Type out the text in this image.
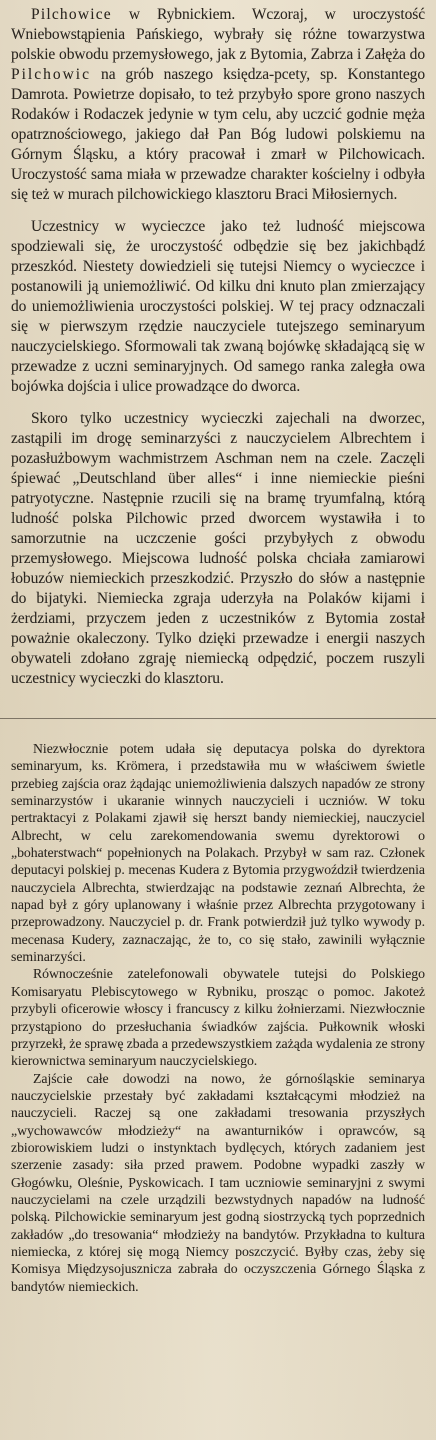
Pilchowice w Rybnickiem. Wczoraj, w uroczystość Wniebowstąpienia Pańskiego, wybrały się różne towarzystwa polskie obwodu przemysłowego, jak z Bytomia, Zabrza i Załęża do Pilchowic na grób naszego księdza-pcety, sp. Konstantego Damrota. Powietrze dopisało, to też przybyło spore grono naszych Rodaków i Rodaczek jedynie w tym celu, aby uczcić godnie męża opatrznościowego, jakiego dał Pan Bóg ludowi polskiemu na Górnym Śląsku, a który pracował i zmarł w Pilchowicach. Uroczystość sama miała w przewadze charakter kościelny i odbyła się też w murach pilchowickiego klasztoru Braci Miłosiernych.

Uczestnicy w wycieczce jako też ludność miejscowa spodziewali się, że uroczystość odbędzie się bez jakichbądź przeszkód. Niestety dowiedzieli się tutejsi Niemcy o wycieczce i postanowili ją uniemożliwić. Od kilku dni knuto plan zmierzający do uniemożliwienia uroczystości polskiej. W tej pracy odznaczali się w pierwszym rzędzie nauczyciele tutejszego seminaryum nauczycielskiego. Sformowali tak zwaną bojówkę składającą się w przewadze z uczni seminaryjnych. Od samego ranka zaległa owa bojówka dojścia i ulice prowadzące do dworca.

Skoro tylko uczestnicy wycieczki zajechali na dworzec, zastąpili im drogę seminarzyści z nauczycielem Albrechtem i pozasłużbowym wachmistrzem Aschman nem na czele. Zaczęli śpiewać „Deutschland über alles“ i inne niemieckie pieśni patryotyczne. Następnie rzucili się na bramę tryumfalną, którą ludność polska Pilchowic przed dworcem wystawiła i to samorzutnie na uczczenie gości przybyłych z obwodu przemysłowego. Miejscowa ludność polska chciała zamiarowi łobuzów niemieckich przeszkodzić. Przyszło do słów a następnie do bijatyki. Niemiecka zgraja uderzyła na Polaków kijami i żerdziami, przyczem jeden z uczestników z Bytomia został poważnie okaleczony. Tylko dzięki przewadze i energii naszych obywateli zdołano zgraję niemiecką odpędzić, poczem ruszyli uczestnicy wycieczki do klasztoru.

Niezwłocznie potem udała się deputacya polska do dyrektora seminaryum, ks. Krömera, i przedstawiła mu w właściwem świetle przebieg zajścia oraz żądając uniemożliwienia dalszych napadów ze strony seminarzystów i ukaranie winnych nauczycieli i uczniów. W toku pertraktacyi z Polakami zjawił się herszt bandy niemieckiej, nauczyciel Albrecht, w celu zarekomendowania swemu dyrektorowi o „bohaterstwach“ popełnionych na Polakach. Przybył w sam raz. Członek deputacyi polskiej p. mecenas Kudera z Bytomia przygwoździł twierdzenia nauczyciela Albrechta, stwierdzając na podstawie zeznań Albrechta, że napad był z góry uplanowany i właśnie przez Albrechta przygotowany i przeprowadzony. Nauczyciel p. dr. Frank potwierdził już tylko wywody p. mecenasa Kudery, zaznaczając, że to, co się stało, zawinili wyłącznie seminarzyści.

Równocześnie zatelefonowali obywatele tutejsi do Polskiego Komisaryatu Plebiscytowego w Rybniku, prosząc o pomoc. Jakoteż przybyli oficerowie włoscy i francuscy z kilku żołnierzami. Niezwłocznie przystąpiono do przesłuchania świadków zajścia. Pułkownik włoski przyrzekł, że sprawę zbada a przedewszystkiem zażąda wydalenia ze strony kierownictwa seminaryum nauczycielskiego.

Zajście całe dowodzi na nowo, że górnośląskie seminarya nauczycielskie przestały być zakładami kształcącymi młodzież na nauczycieli. Raczej są one zakładami tresowania przyszłych „wychowawców młodzieży“ na awanturników i oprawców, są zbiorowiskiem ludzi o instynktach bydlęcych, których zadaniem jest szerzenie zasady: siła przed prawem. Podobne wypadki zaszły w Głogówku, Oleśnie, Pyskowicach. I tam uczniowie seminaryjni z swymi nauczycielami na czele urządzili bezwstydnych napadów na ludność polską. Pilchowickie seminaryum jest godną siostrzycką tych poprzednich zakładów „do tresowania“ młodzieży na bandytów. Przykładna to kultura niemiecka, z której się mogą Niemcy poszczycić. Byłby czas, żeby się Komisya Międzysojusznicza zabrała do oczyszczenia Górnego Śląska z bandytów niemieckich.
